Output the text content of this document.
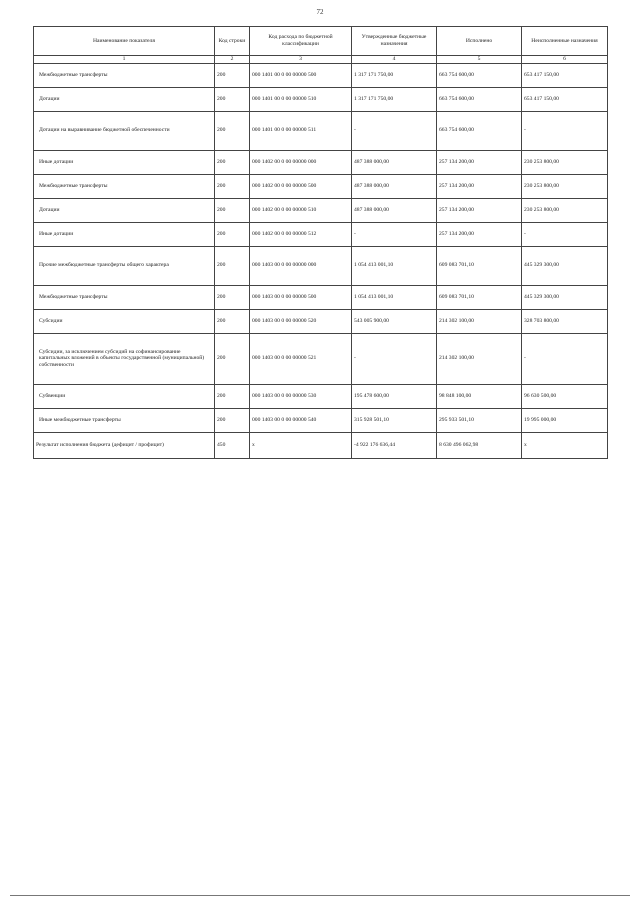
72
Наименование показателя	Код строки	Код расхода по бюджетной классификации	Утвержденные бюджетные назначения	Исполнено	Неисполненные назначения
1	2	3	4	5	6
Межбюджетные трансферты	200	000 1401 00 0 00 00000 500	1 317 171 750,00	663 754 600,00	653 417 150,00
Дотации	200	000 1401 00 0 00 00000 510	1 317 171 750,00	663 754 600,00	653 417 150,00
Дотации на выравнивание бюджетной обеспеченности	200	000 1401 00 0 00 00000 511	-	663 754 600,00	-
Иные дотации	200	000 1402 00 0 00 00000 000	487 388 000,00	257 134 200,00	230 253 800,00
Межбюджетные трансферты	200	000 1402 00 0 00 00000 500	487 388 000,00	257 134 200,00	230 253 800,00
Дотации	200	000 1402 00 0 00 00000 510	487 388 000,00	257 134 200,00	230 253 800,00
Иные дотации	200	000 1402 00 0 00 00000 512	-	257 134 200,00	-
Прочие межбюджетные трансферты общего характера	200	000 1403 00 0 00 00000 000	1 054 413 001,10	609 083 701,10	445 329 300,00
Межбюджетные трансферты	200	000 1403 00 0 00 00000 500	1 054 413 001,10	609 083 701,10	445 329 300,00
Субсидии	200	000 1403 00 0 00 00000 520	543 005 900,00	214 302 100,00	328 703 800,00
Субсидии, за исключением субсидий на софинансирование капитальных вложений в объекты государственной (муниципальной) собственности	200	000 1403 00 0 00 00000 521	-	214 302 100,00	-
Субвенции	200	000 1403 00 0 00 00000 530	195 478 600,00	98 848 100,00	96 630 500,00
Иные межбюджетные трансферты	200	000 1403 00 0 00 00000 540	315 928 501,10	295 933 501,10	19 995 000,00
Результат исполнения бюджета (дефицит / профицит)	450	x	-4 922 176 636,44	8 630 496 062,98	x
